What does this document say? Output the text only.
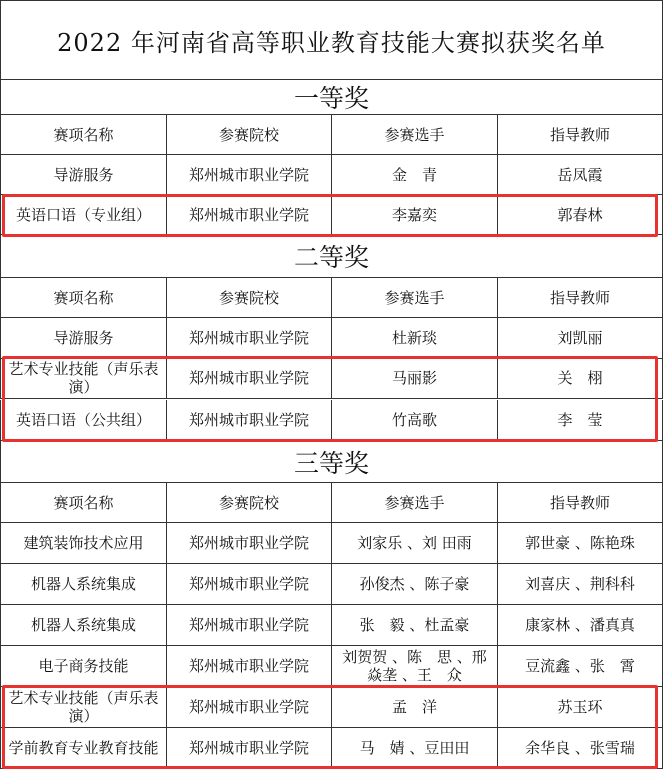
2022 年河南省高等职业教育技能大赛拟获奖名单
一等奖
赛项名称	参赛院校	参赛选手	指导教师
导游服务	郑州城市职业学院	金　青	岳凤霞
英语口语（专业组）	郑州城市职业学院	李嘉奕	郭春林
二等奖
赛项名称	参赛院校	参赛选手	指导教师
导游服务	郑州城市职业学院	杜新琰	刘凯丽
艺术专业技能（声乐表演）	郑州城市职业学院	马丽影	关　栩
英语口语（公共组）	郑州城市职业学院	竹高歌	李　莹
三等奖
赛项名称	参赛院校	参赛选手	指导教师
建筑装饰技术应用	郑州城市职业学院	刘家乐 、刘 田雨	郭世豪 、陈艳珠
机器人系统集成	郑州城市职业学院	孙俊杰 、陈子豪	刘喜庆 、荆科科
机器人系统集成	郑州城市职业学院	张　毅 、杜孟豪	康家林 、潘真真
电子商务技能	郑州城市职业学院	刘贺贺 、陈　思 、邢焱垄 、王　众	豆流鑫 、张　霄
艺术专业技能（声乐表演）	郑州城市职业学院	孟　洋	苏玉环
学前教育专业教育技能	郑州城市职业学院	马　婧 、豆田田	余华良 、张雪瑞
